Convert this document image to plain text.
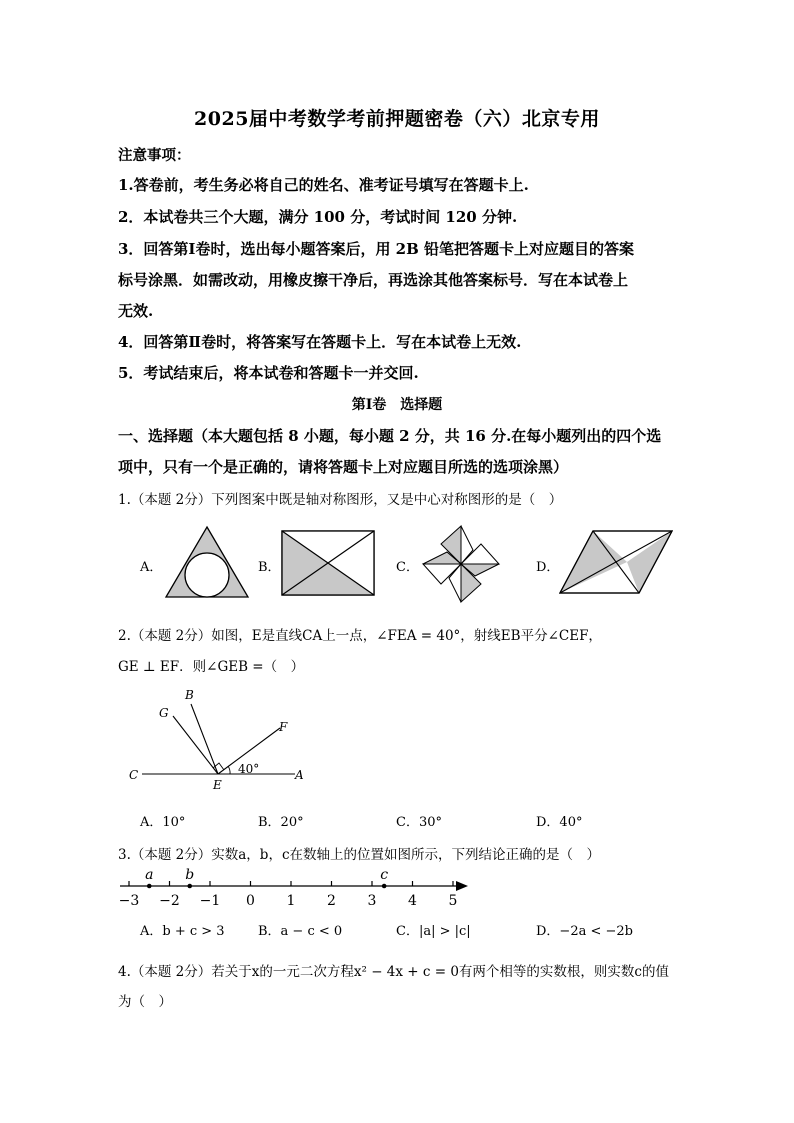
2025届中考数学考前押题密卷（六）北京专用
注意事项：
1.答卷前，考生务必将自己的姓名、准考证号填写在答题卡上.
2．本试卷共三个大题，满分 100 分，考试时间 120 分钟.
3．回答第Ⅰ卷时，选出每小题答案后，用 2B 铅笔把答题卡上对应题目的答案
标号涂黑．如需改动，用橡皮擦干净后，再选涂其他答案标号．写在本试卷上
无效.
4．回答第Ⅱ卷时，将答案写在答题卡上．写在本试卷上无效.
5．考试结束后，将本试卷和答题卡一并交回.
第Ⅰ卷　选择题
一、选择题（本大题包括 8 小题，每小题 2 分，共 16 分.在每小题列出的四个选
项中，只有一个是正确的，请将答题卡上对应题目所选的选项涂黑）
1.（本题 2分）下列图案中既是轴对称图形，又是中心对称图形的是（　）
A．	B．	C．	D．
2.（本题 2分）如图，E是直线CA上一点，∠FEA = 40°，射线EB平分∠CEF，
GE ⊥ EF．则∠GEB =（　）
40°
B
G
F
C	A
E
A．10°	B．20°	C．30°	D．40°
3.（本题 2分）实数a，b，c在数轴上的位置如图所示，下列结论正确的是（　）
−3 −2 −1 0 1 2 3 4 5
a b	c
A．b + c > 3	B．a − c < 0	C．|a| > |c|	D．−2a < −2b
4.（本题 2分）若关于x的一元二次方程x² − 4x + c = 0有两个相等的实数根，则实数c的值
为（　）
